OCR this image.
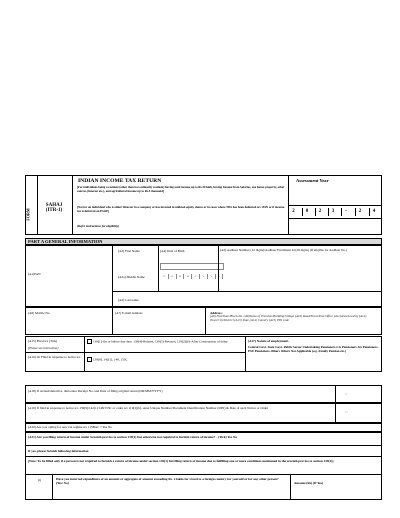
FORM
SAHAJ
(ITR-1)
INDIAN INCOME TAX RETURN
[For individuals being a resident (other than not ordinarily resident) having total income up to Rs.50 lakh, having Income from Salaries, one house property, other sources (Interest etc.), and agricultural income up to Rs.5 thousand]
[Not for an individual who is either Director in a company or has invested in unlisted equity shares or in cases where TDS has been deducted u/s 194N or if income-tax is deferred on ESOP]
(Refer instructions for eligibility)
Assessment Year
2	0	2	3	-	2	4
PART A GENERAL INFORMATION
(A1)PAN
(A2) First Name
(A2a) Middle Name
(A3) Last name
(A4) Date of Birth
D	D M M Y	Y	Y	Y
(A5) Aadhaar Number (12 digits)/Aadhaar Enrolment Id (28 digits) (If eligible for Aadhaar No.)
(A6) Mobile No.	(A7) E-mail Address	Address:
(A8) Flat/Door/Block No. (A9)Name of Premises/Building/Village (A10) Road/Street/Post Office (A11)Area/Locality (A12) Town/City/District (A13) State (A14) Country (A15) PIN code
(A15) Filed u/s (Tick)
[Please see instruction]
139(1)-On or before due date, 139(4)-Belated, 139(5)-Revised, 119(2)(b)- After Condonation of delay
(A16) Or Filed in response to notice u/s
139(9), 142(1), 148, 153C
(A17) Nature of employment-
Central Govt. State Govt. Public Sector Undertaking Pensioners-CG Pensioners-SG Pensioners-PSU Pensioners-Others Others Not Applicable (e.g. Family Pension etc.)
(A18) If revised/defective, then enter Receipt No. and Date of filing original return (DD/MM/YYYY)
/ /
(A19) If filed in response to notice u/s 139(9)/142(1)/148/153C or order u/s 119(2)(b)- enter Unique Number/Document Identification Number (DIN) & Date of such Notice or Order
/ /
(A20) Are you opting for new tax regime u/s 115BAC ? Yes No
(A21) Are you filing return of income under Seventh proviso to section 139(1) but otherwise not required to furnish return of income? - (Tick) Yes No
If yes, please furnish following information
[Note: To be filled only if a person is not required to furnish a return of income under section 139(1) but filing return of income due to fulfilling one or more conditions mentioned in the seventh proviso to section 139(1)]
(i)	Have you incurred expenditure of an amount or aggregate of amount exceeding Rs. 2 lakhs for travel to a foreign country for yourself or for any other person? (Yes/ No)	Amount (Rs) (If Yes)
